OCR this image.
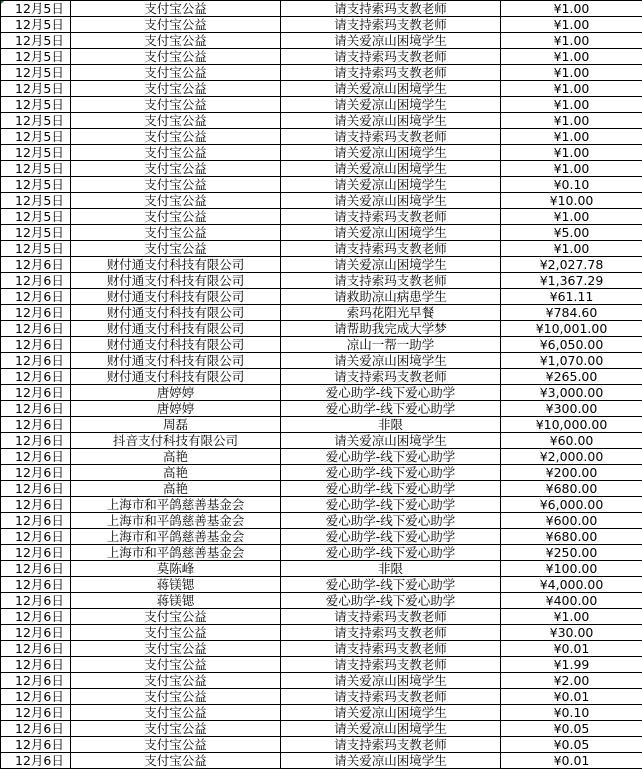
12月5日	支付宝公益	请支持索玛支教老师	¥1.00
12月5日	支付宝公益	请支持索玛支教老师	¥1.00
12月5日	支付宝公益	请关爱凉山困境学生	¥1.00
12月5日	支付宝公益	请支持索玛支教老师	¥1.00
12月5日	支付宝公益	请支持索玛支教老师	¥1.00
12月5日	支付宝公益	请关爱凉山困境学生	¥1.00
12月5日	支付宝公益	请关爱凉山困境学生	¥1.00
12月5日	支付宝公益	请关爱凉山困境学生	¥1.00
12月5日	支付宝公益	请支持索玛支教老师	¥1.00
12月5日	支付宝公益	请关爱凉山困境学生	¥1.00
12月5日	支付宝公益	请关爱凉山困境学生	¥1.00
12月5日	支付宝公益	请关爱凉山困境学生	¥0.10
12月5日	支付宝公益	请关爱凉山困境学生	¥10.00
12月5日	支付宝公益	请支持索玛支教老师	¥1.00
12月5日	支付宝公益	请关爱凉山困境学生	¥5.00
12月5日	支付宝公益	请支持索玛支教老师	¥1.00
12月6日	财付通支付科技有限公司	请关爱凉山困境学生	¥2,027.78
12月6日	财付通支付科技有限公司	请支持索玛支教老师	¥1,367.29
12月6日	财付通支付科技有限公司	请救助凉山病患学生	¥61.11
12月6日	财付通支付科技有限公司	索玛花阳光早餐	¥784.60
12月6日	财付通支付科技有限公司	请帮助我完成大学梦	¥10,001.00
12月6日	财付通支付科技有限公司	凉山一帮一助学	¥6,050.00
12月6日	财付通支付科技有限公司	请关爱凉山困境学生	¥1,070.00
12月6日	财付通支付科技有限公司	请支持索玛支教老师	¥265.00
12月6日	唐婷婷	爱心助学-线下爱心助学	¥3,000.00
12月6日	唐婷婷	爱心助学-线下爱心助学	¥300.00
12月6日	周磊	非限	¥10,000.00
12月6日	抖音支付科技有限公司	请关爱凉山困境学生	¥60.00
12月6日	高艳	爱心助学-线下爱心助学	¥2,000.00
12月6日	高艳	爱心助学-线下爱心助学	¥200.00
12月6日	高艳	爱心助学-线下爱心助学	¥680.00
12月6日	上海市和平鸽慈善基金会	爱心助学-线下爱心助学	¥6,000.00
12月6日	上海市和平鸽慈善基金会	爱心助学-线下爱心助学	¥600.00
12月6日	上海市和平鸽慈善基金会	爱心助学-线下爱心助学	¥680.00
12月6日	上海市和平鸽慈善基金会	爱心助学-线下爱心助学	¥250.00
12月6日	莫陈峰	非限	¥100.00
12月6日	蒋镁锶	爱心助学-线下爱心助学	¥4,000.00
12月6日	蒋镁锶	爱心助学-线下爱心助学	¥400.00
12月6日	支付宝公益	请支持索玛支教老师	¥1.00
12月6日	支付宝公益	请支持索玛支教老师	¥30.00
12月6日	支付宝公益	请支持索玛支教老师	¥0.01
12月6日	支付宝公益	请支持索玛支教老师	¥1.99
12月6日	支付宝公益	请关爱凉山困境学生	¥2.00
12月6日	支付宝公益	请支持索玛支教老师	¥0.01
12月6日	支付宝公益	请关爱凉山困境学生	¥0.10
12月6日	支付宝公益	请关爱凉山困境学生	¥0.05
12月6日	支付宝公益	请支持索玛支教老师	¥0.05
12月6日	支付宝公益	请关爱凉山困境学生	¥0.01
